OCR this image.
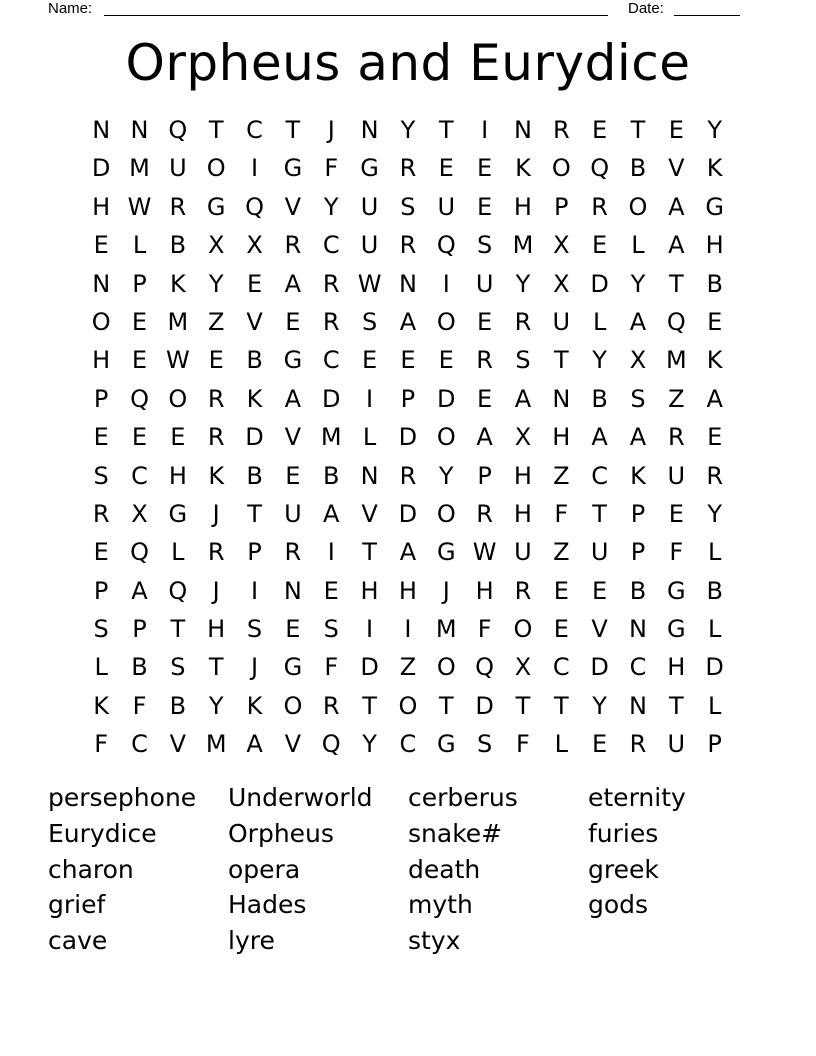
Name:	Date:
Orpheus and Eurydice
N N Q T C T	J	N Y T	I	N R E T E Y
D M U O	I	G F G R E E K O Q B V K
H W R G Q V Y U S U E H P R O A G
E	L B X X R C U R Q S M X E	L A H
N P K Y E A R W N	I	U Y X D Y T B
O E M Z V E R S A O E R U L A Q E
H E W E B G C E E E R S T Y X M K
P Q O R K A D	I	P D E A N B S Z A
E E E R D V M L D O A X H A A R E
S C H K B E B N R Y P H Z C K U R
R X G	J	T U A V D O R H F	T P E Y
E Q L R P R	I	T A G W U Z U P	F	L
P A Q	J	I	N E H H	J	H R E E B G B
S P T H S E S	I	I	M F O E V N G L
L B S T	J	G F D Z O Q X C D C H D
K F B Y K O R T O T D T T Y N T	L
F C V M A V Q Y C G S F	L	E R U P
persephone
Eurydice
charon
grief
cave
Underworld
Orpheus
opera
Hades
lyre
cerberus
snake#
death
myth
styx
eternity
furies
greek
gods
